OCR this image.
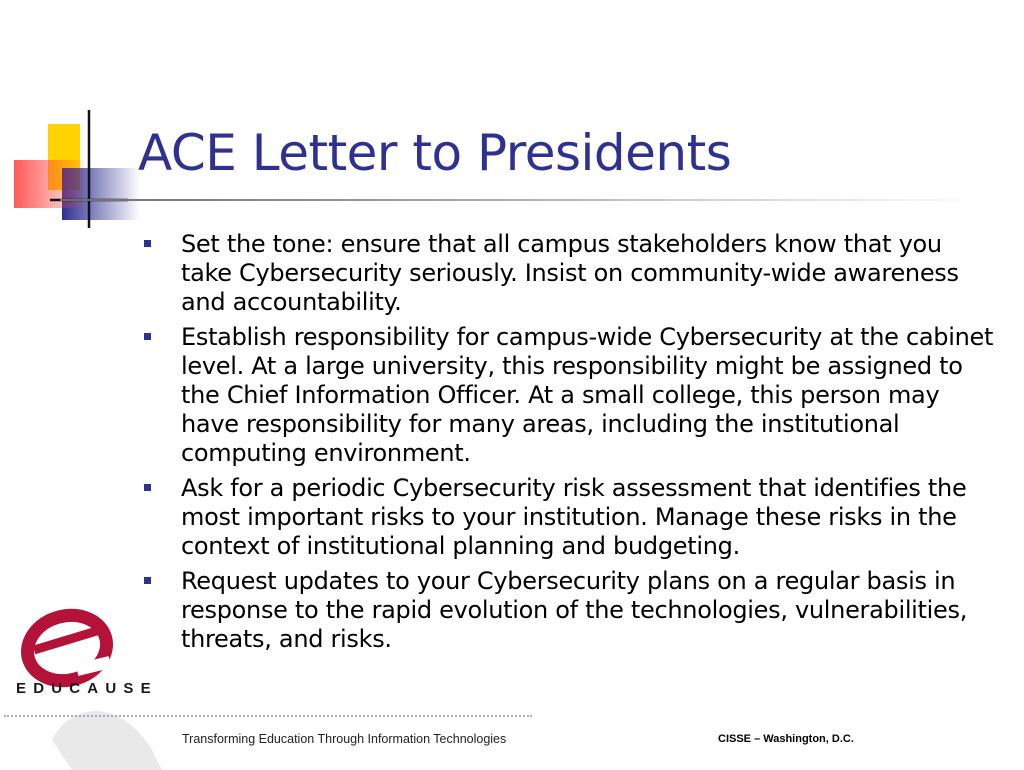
ACE Letter to Presidents
Set the tone: ensure that all campus stakeholders know that you take Cybersecurity seriously. Insist on community-wide awareness and accountability.
Establish responsibility for campus-wide Cybersecurity at the cabinet level. At a large university, this responsibility might be assigned to the Chief Information Officer. At a small college, this person may have responsibility for many areas, including the institutional computing environment.
Ask for a periodic Cybersecurity risk assessment that identifies the most important risks to your institution. Manage these risks in the context of institutional planning and budgeting.
Request updates to your Cybersecurity plans on a regular basis in response to the rapid evolution of the technologies, vulnerabilities, threats, and risks.
EDUCAUSE
Transforming Education Through Information Technologies	CISSE – Washington, D.C.
